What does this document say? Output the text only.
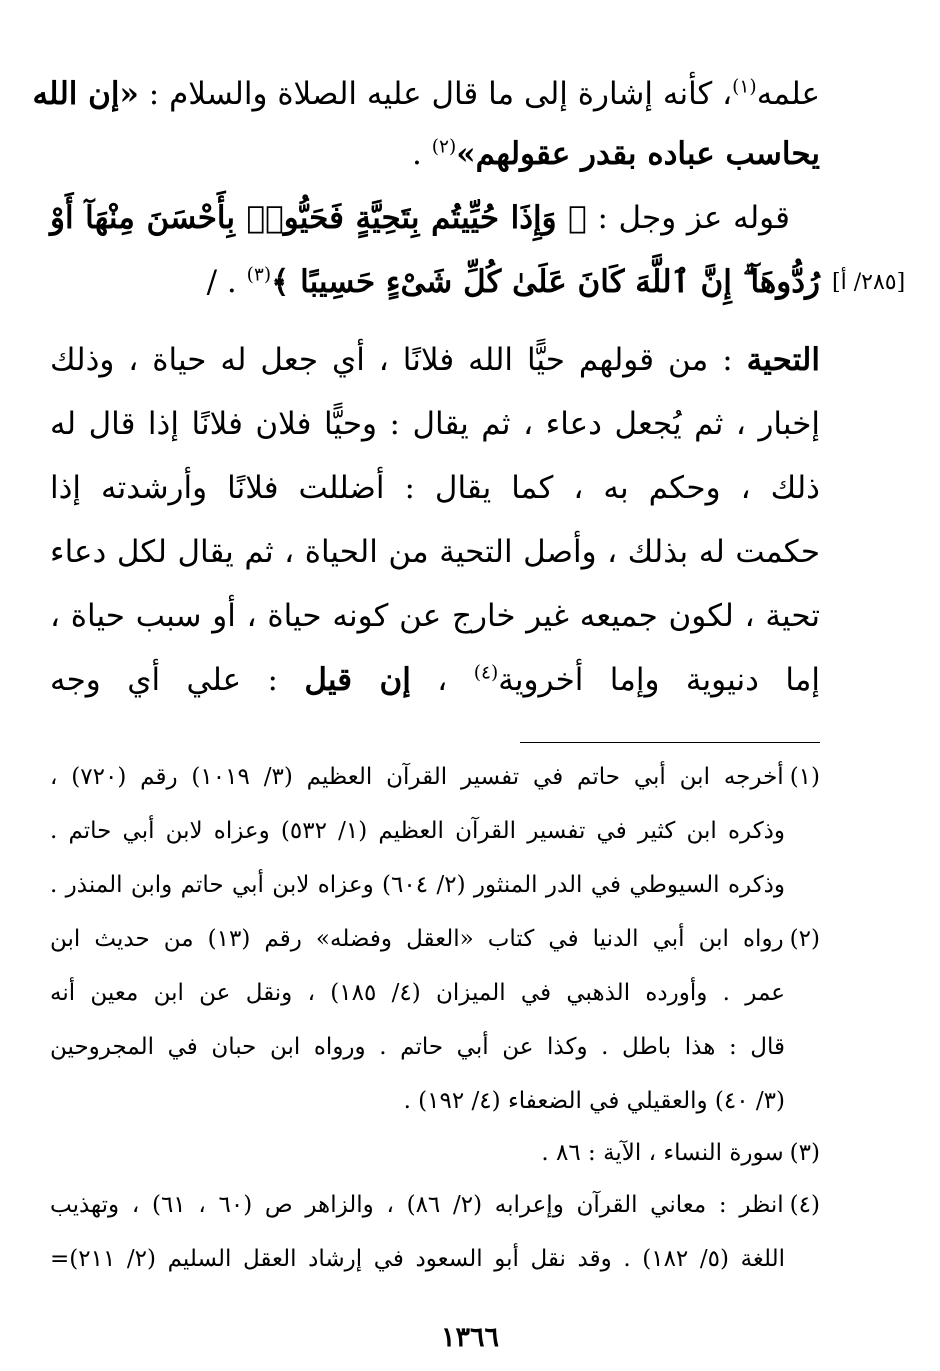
علمه$^{(١)}$، كأنه إشارة إلى ما قال عليه الصلاة والسلام : «إن الله
يحاسب عباده بقدر عقولهم»$^{(٢)}$ .
قوله عز وجل : ﴿ وَإِذَا حُيِّيتُم بِتَحِيَّةٍ فَحَيُّوا۟ بِأَحْسَنَ مِنْهَآ أَوْ
رُدُّوهَآ ۗ إِنَّ ٱللَّهَ كَانَ عَلَىٰ كُلِّ شَىْءٍ حَسِيبًا ﴾$^{(٣)}$ . /	[٢٨٥/ أ]
التحية : من قولهم حيًّا الله فلانًا ، أي جعل له حياة ، وذلك
إخبار ، ثم يُجعل دعاء ، ثم يقال : وحيًّا فلان فلانًا إذا قال له
ذلك ، وحكم به ، كما يقال : أضللت فلانًا وأرشدته إذا
حكمت له بذلك ، وأصل التحية من الحياة ، ثم يقال لكل دعاء
تحية ، لكون جميعه غير خارج عن كونه حياة ، أو سبب حياة ،
إما دنيوية وإما أخروية$^{(٤)}$ ، إن قيل : علي أي وجه
(١)أخرجه ابن أبي حاتم في تفسير القرآن العظيم (٣/ ١٠١٩) رقم (٧٢٠) ،
وذكره ابن كثير في تفسير القرآن العظيم (١/ ٥٣٢) وعزاه لابن أبي حاتم .
وذكره السيوطي في الدر المنثور (٢/ ٦٠٤) وعزاه لابن أبي حاتم وابن المنذر .
(٢)رواه ابن أبي الدنيا في كتاب «العقل وفضله» رقم (١٣) من حديث ابن
عمر . وأورده الذهبي في الميزان (٤/ ١٨٥) ، ونقل عن ابن معين أنه
قال : هذا باطل . وكذا عن أبي حاتم . ورواه ابن حبان في المجروحين
(٣/ ٤٠) والعقيلي في الضعفاء (٤/ ١٩٢) .
(٣)سورة النساء ، الآية : ٨٦ .
(٤)انظر : معاني القرآن وإعرابه (٢/ ٨٦) ، والزاهر ص (٦٠ ، ٦١) ، وتهذيب
اللغة (٥/ ١٨٢) . وقد نقل أبو السعود في إرشاد العقل السليم (٢/ ٢١١)=
١٣٦٦
